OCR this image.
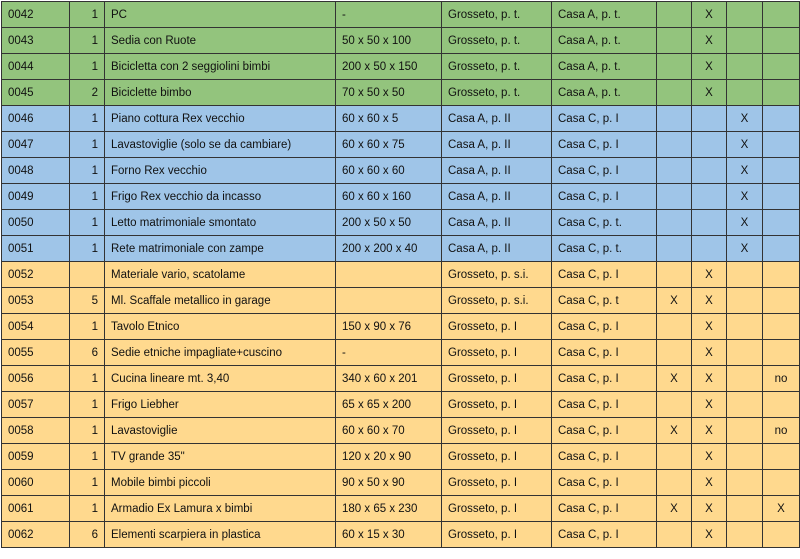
0042	1	PC	-	Grosseto, p. t.	Casa A, p. t.		X		
0043	1	Sedia con Ruote	50 x 50 x 100	Grosseto, p. t.	Casa A, p. t.		X		
0044	1	Bicicletta con 2 seggiolini bimbi	200 x 50 x 150	Grosseto, p. t.	Casa A, p. t.		X		
0045	2	Biciclette bimbo	70 x 50 x 50	Grosseto, p. t.	Casa A, p. t.		X		
0046	1	Piano cottura Rex vecchio	60 x 60 x 5	Casa A, p. II	Casa C, p. I			X	
0047	1	Lavastoviglie (solo se da cambiare)	60 x 60 x 75	Casa A, p. II	Casa C, p. I			X	
0048	1	Forno Rex vecchio	60 x 60 x 60	Casa A, p. II	Casa C, p. I			X	
0049	1	Frigo Rex vecchio da incasso	60 x 60 x 160	Casa A, p. II	Casa C, p. I			X	
0050	1	Letto matrimoniale smontato	200 x 50 x 50	Casa A, p. II	Casa C, p. t.			X	
0051	1	Rete matrimoniale con zampe	200 x 200 x 40	Casa A, p. II	Casa C, p. t.			X	
0052		Materiale vario, scatolame		Grosseto, p. s.i.	Casa C, p. I		X		
0053	5	Ml. Scaffale metallico in garage		Grosseto, p. s.i.	Casa C, p. t	X	X		
0054	1	Tavolo Etnico	150 x 90 x 76	Grosseto, p. I	Casa C, p. I		X		
0055	6	Sedie etniche impagliate+cuscino	-	Grosseto, p. I	Casa C, p. I		X		
0056	1	Cucina lineare mt. 3,40	340 x 60 x 201	Grosseto, p. I	Casa C, p. I	X	X		no
0057	1	Frigo Liebher	65 x 65 x 200	Grosseto, p. I	Casa C, p. I		X		
0058	1	Lavastoviglie	60 x 60 x 70	Grosseto, p. I	Casa C, p. I	X	X		no
0059	1	TV grande 35"	120 x 20 x 90	Grosseto, p. I	Casa C, p. I		X		
0060	1	Mobile bimbi piccoli	90 x 50 x 90	Grosseto, p. I	Casa C, p. I		X		
0061	1	Armadio Ex Lamura x bimbi	180 x 65 x 230	Grosseto, p. I	Casa C, p. I	X	X		X
0062	6	Elementi scarpiera in plastica	60 x 15 x 30	Grosseto, p. I	Casa C, p. I		X		
